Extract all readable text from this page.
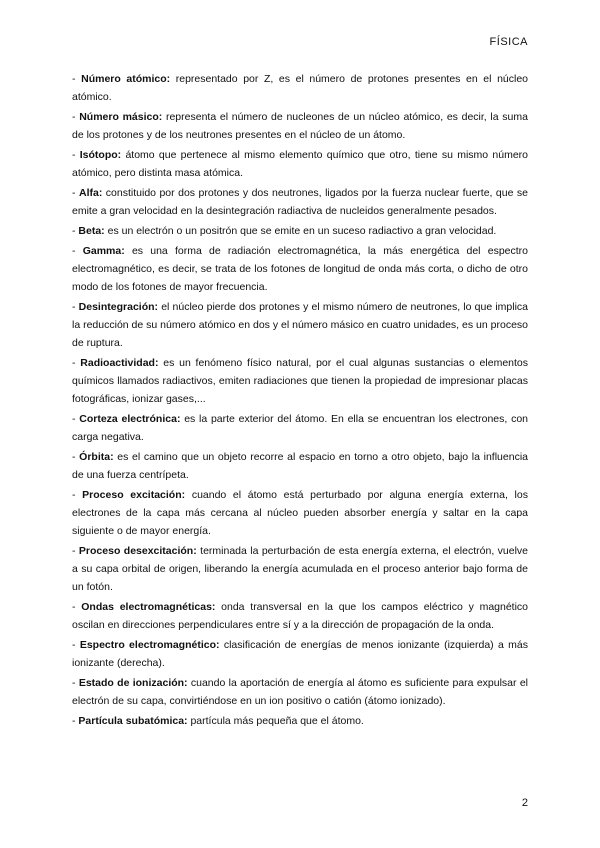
FÍSICA

- Número atómico: representado por Z, es el número de protones presentes en el núcleo atómico.

- Número másico: representa el número de nucleones de un núcleo atómico, es decir, la suma de los protones y de los neutrones presentes en el núcleo de un átomo.

- Isótopo: átomo que pertenece al mismo elemento químico que otro, tiene su mismo número atómico, pero distinta masa atómica.

- Alfa: constituido por dos protones y dos neutrones, ligados por la fuerza nuclear fuerte, que se emite a gran velocidad en la desintegración radiactiva de nucleidos generalmente pesados.

- Beta: es un electrón o un positrón que se emite en un suceso radiactivo a gran velocidad.

- Gamma: es una forma de radiación electromagnética, la más energética del espectro electromagnético, es decir, se trata de los fotones de longitud de onda más corta, o dicho de otro modo de los fotones de mayor frecuencia.

- Desintegración: el núcleo pierde dos protones y el mismo número de neutrones, lo que implica la reducción de su número atómico en dos y el número másico en cuatro unidades, es un proceso de ruptura.

- Radioactividad: es un fenómeno físico natural, por el cual algunas sustancias o elementos químicos llamados radiactivos, emiten radiaciones que tienen la propiedad de impresionar placas fotográficas, ionizar gases,...

- Corteza electrónica: es la parte exterior del átomo. En ella se encuentran los electrones, con carga negativa.

- Órbita: es el camino que un objeto recorre al espacio en torno a otro objeto, bajo la influencia de una fuerza centrípeta.

- Proceso excitación: cuando el átomo está perturbado por alguna energía externa, los electrones de la capa más cercana al núcleo pueden absorber energía y saltar en la capa siguiente o de mayor energía.

- Proceso desexcitación: terminada la perturbación de esta energía externa, el electrón, vuelve a su capa orbital de origen, liberando la energía acumulada en el proceso anterior bajo forma de un fotón.

- Ondas electromagnéticas: onda transversal en la que los campos eléctrico y magnético oscilan en direcciones perpendiculares entre sí y a la dirección de propagación de la onda.

- Espectro electromagnético: clasificación de energías de menos ionizante (izquierda) a más ionizante (derecha).

- Estado de ionización: cuando la aportación de energía al átomo es suficiente para expulsar el electrón de su capa, convirtiéndose en un ion positivo o catión (átomo ionizado).

- Partícula subatómica: partícula más pequeña que el átomo.

2
